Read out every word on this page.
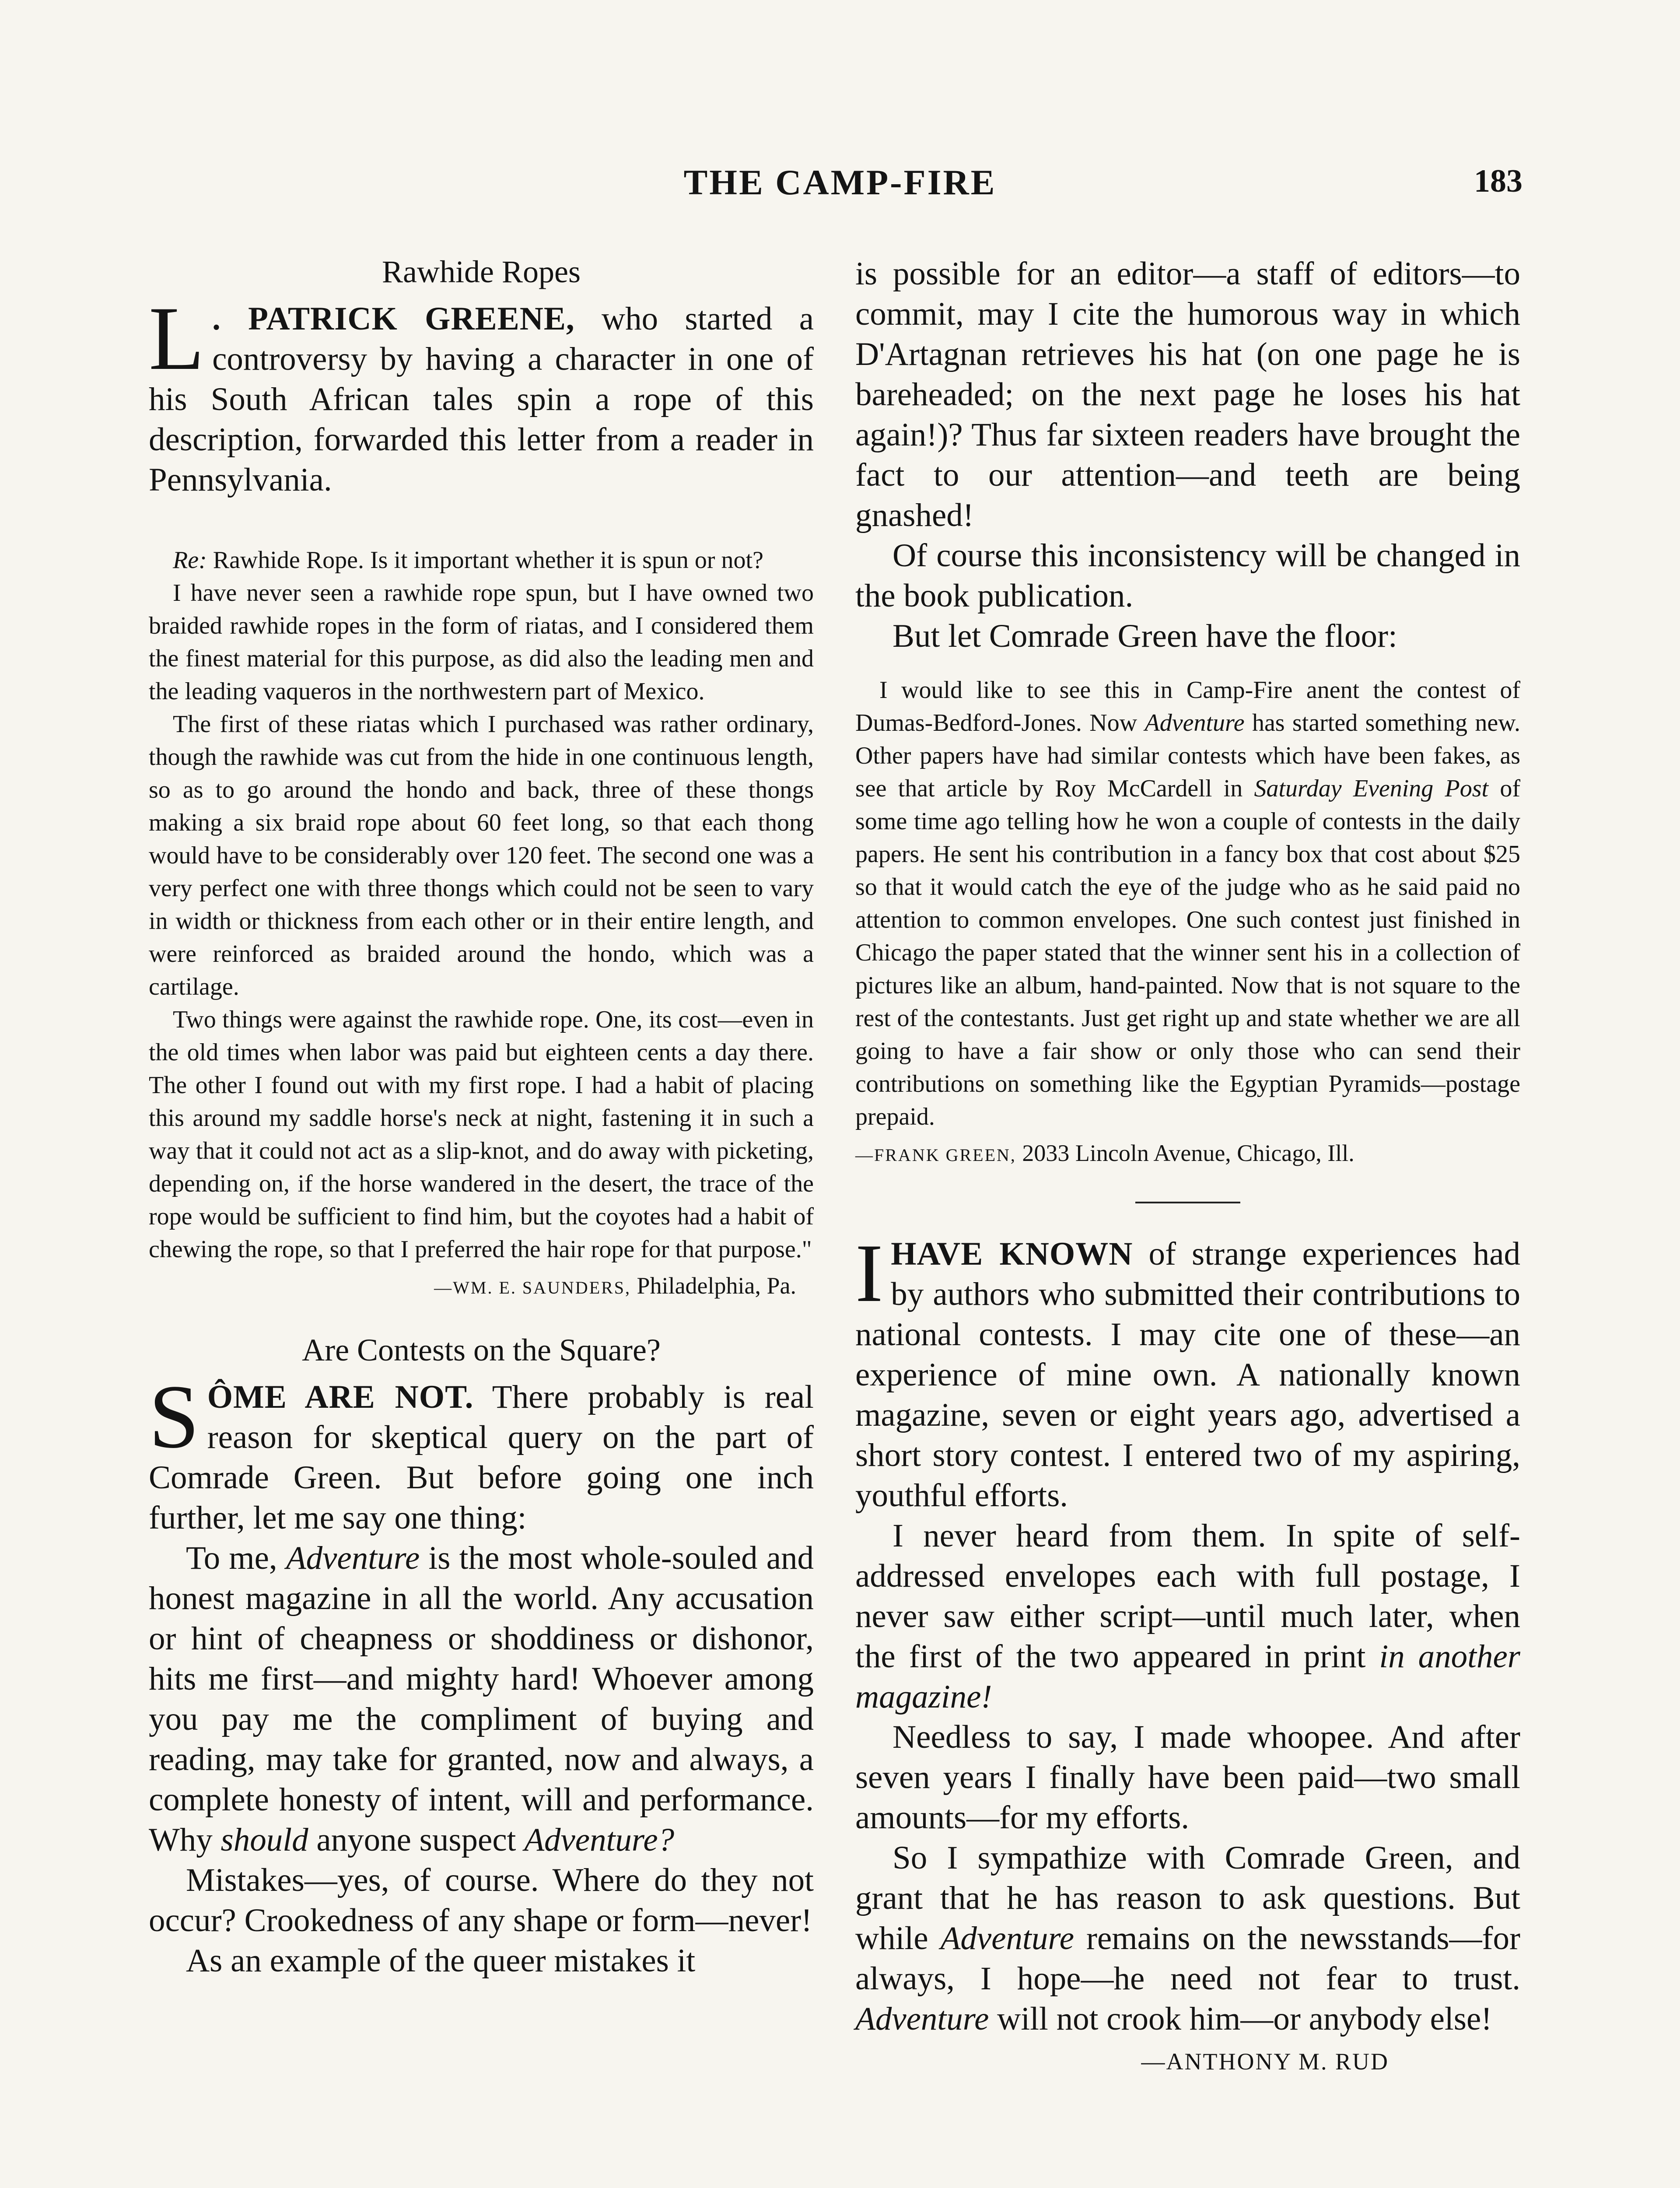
THE CAMP-FIRE	183
Rawhide Ropes

L . PATRICK GREENE, who started a controversy by having a character in one of his South African tales spin a rope of this description, forwarded this letter from a reader in Pennsylvania.

Re: Rawhide Rope. Is it important whether it is spun or not?

I have never seen a rawhide rope spun, but I have owned two braided rawhide ropes in the form of riatas, and I considered them the finest material for this purpose, as did also the leading men and the leading vaqueros in the northwestern part of Mexico.

The first of these riatas which I purchased was rather ordinary, though the rawhide was cut from the hide in one continuous length, so as to go around the hondo and back, three of these thongs making a six braid rope about 60 feet long, so that each thong would have to be considerably over 120 feet. The second one was a very perfect one with three thongs which could not be seen to vary in width or thickness from each other or in their entire length, and were reinforced as braided around the hondo, which was a cartilage.

Two things were against the rawhide rope. One, its cost—even in the old times when labor was paid but eighteen cents a day there. The other I found out with my first rope. I had a habit of placing this around my saddle horse's neck at night, fastening it in such a way that it could not act as a slip-knot, and do away with picketing, depending on, if the horse wandered in the desert, the trace of the rope would be sufficient to find him, but the coyotes had a habit of chewing the rope, so that I preferred the hair rope for that purpose."

—WM. E. SAUNDERS, Philadelphia, Pa.
Are Contests on the Square?

SÔME ARE NOT. There probably is real reason for skeptical query on the part of Comrade Green. But before going one inch further, let me say one thing:

To me, Adventure is the most whole-souled and honest magazine in all the world. Any accusation or hint of cheapness or shoddiness or dishonor, hits me first—and mighty hard! Whoever among you pay me the compliment of buying and reading, may take for granted, now and always, a complete honesty of intent, will and performance. Why should anyone suspect Adventure?

Mistakes—yes, of course. Where do they not occur? Crookedness of any shape or form—never!

As an example of the queer mistakes it

is possible for an editor—a staff of editors—to commit, may I cite the humorous way in which D'Artagnan retrieves his hat (on one page he is bareheaded; on the next page he loses his hat again!)? Thus far sixteen readers have brought the fact to our attention—and teeth are being gnashed!

Of course this inconsistency will be changed in the book publication.

But let Comrade Green have the floor:

I would like to see this in Camp-Fire anent the contest of Dumas-Bedford-Jones. Now Adventure has started something new. Other papers have had similar contests which have been fakes, as see that article by Roy McCardell in Saturday Evening Post of some time ago telling how he won a couple of contests in the daily papers. He sent his contribution in a fancy box that cost about $25 so that it would catch the eye of the judge who as he said paid no attention to common envelopes. One such contest just finished in Chicago the paper stated that the winner sent his in a collection of pictures like an album, hand-painted. Now that is not square to the rest of the contestants. Just get right up and state whether we are all going to have a fair show or only those who can send their contributions on something like the Egyptian Pyramids—postage prepaid.

—FRANK GREEN, 2033 Lincoln Avenue, Chicago, Ill.

IHAVE KNOWN of strange experiences had by authors who submitted their contributions to national contests. I may cite one of these—an experience of mine own. A nationally known magazine, seven or eight years ago, advertised a short story contest. I entered two of my aspiring, youthful efforts.

I never heard from them. In spite of self-addressed envelopes each with full postage, I never saw either script—until much later, when the first of the two appeared in print in another magazine!

Needless to say, I made whoopee. And after seven years I finally have been paid—two small amounts—for my efforts.

So I sympathize with Comrade Green, and grant that he has reason to ask questions. But while Adventure remains on the newsstands—for always, I hope—he need not fear to trust. Adventure will not crook him—or anybody else!

—ANTHONY M. RUD
